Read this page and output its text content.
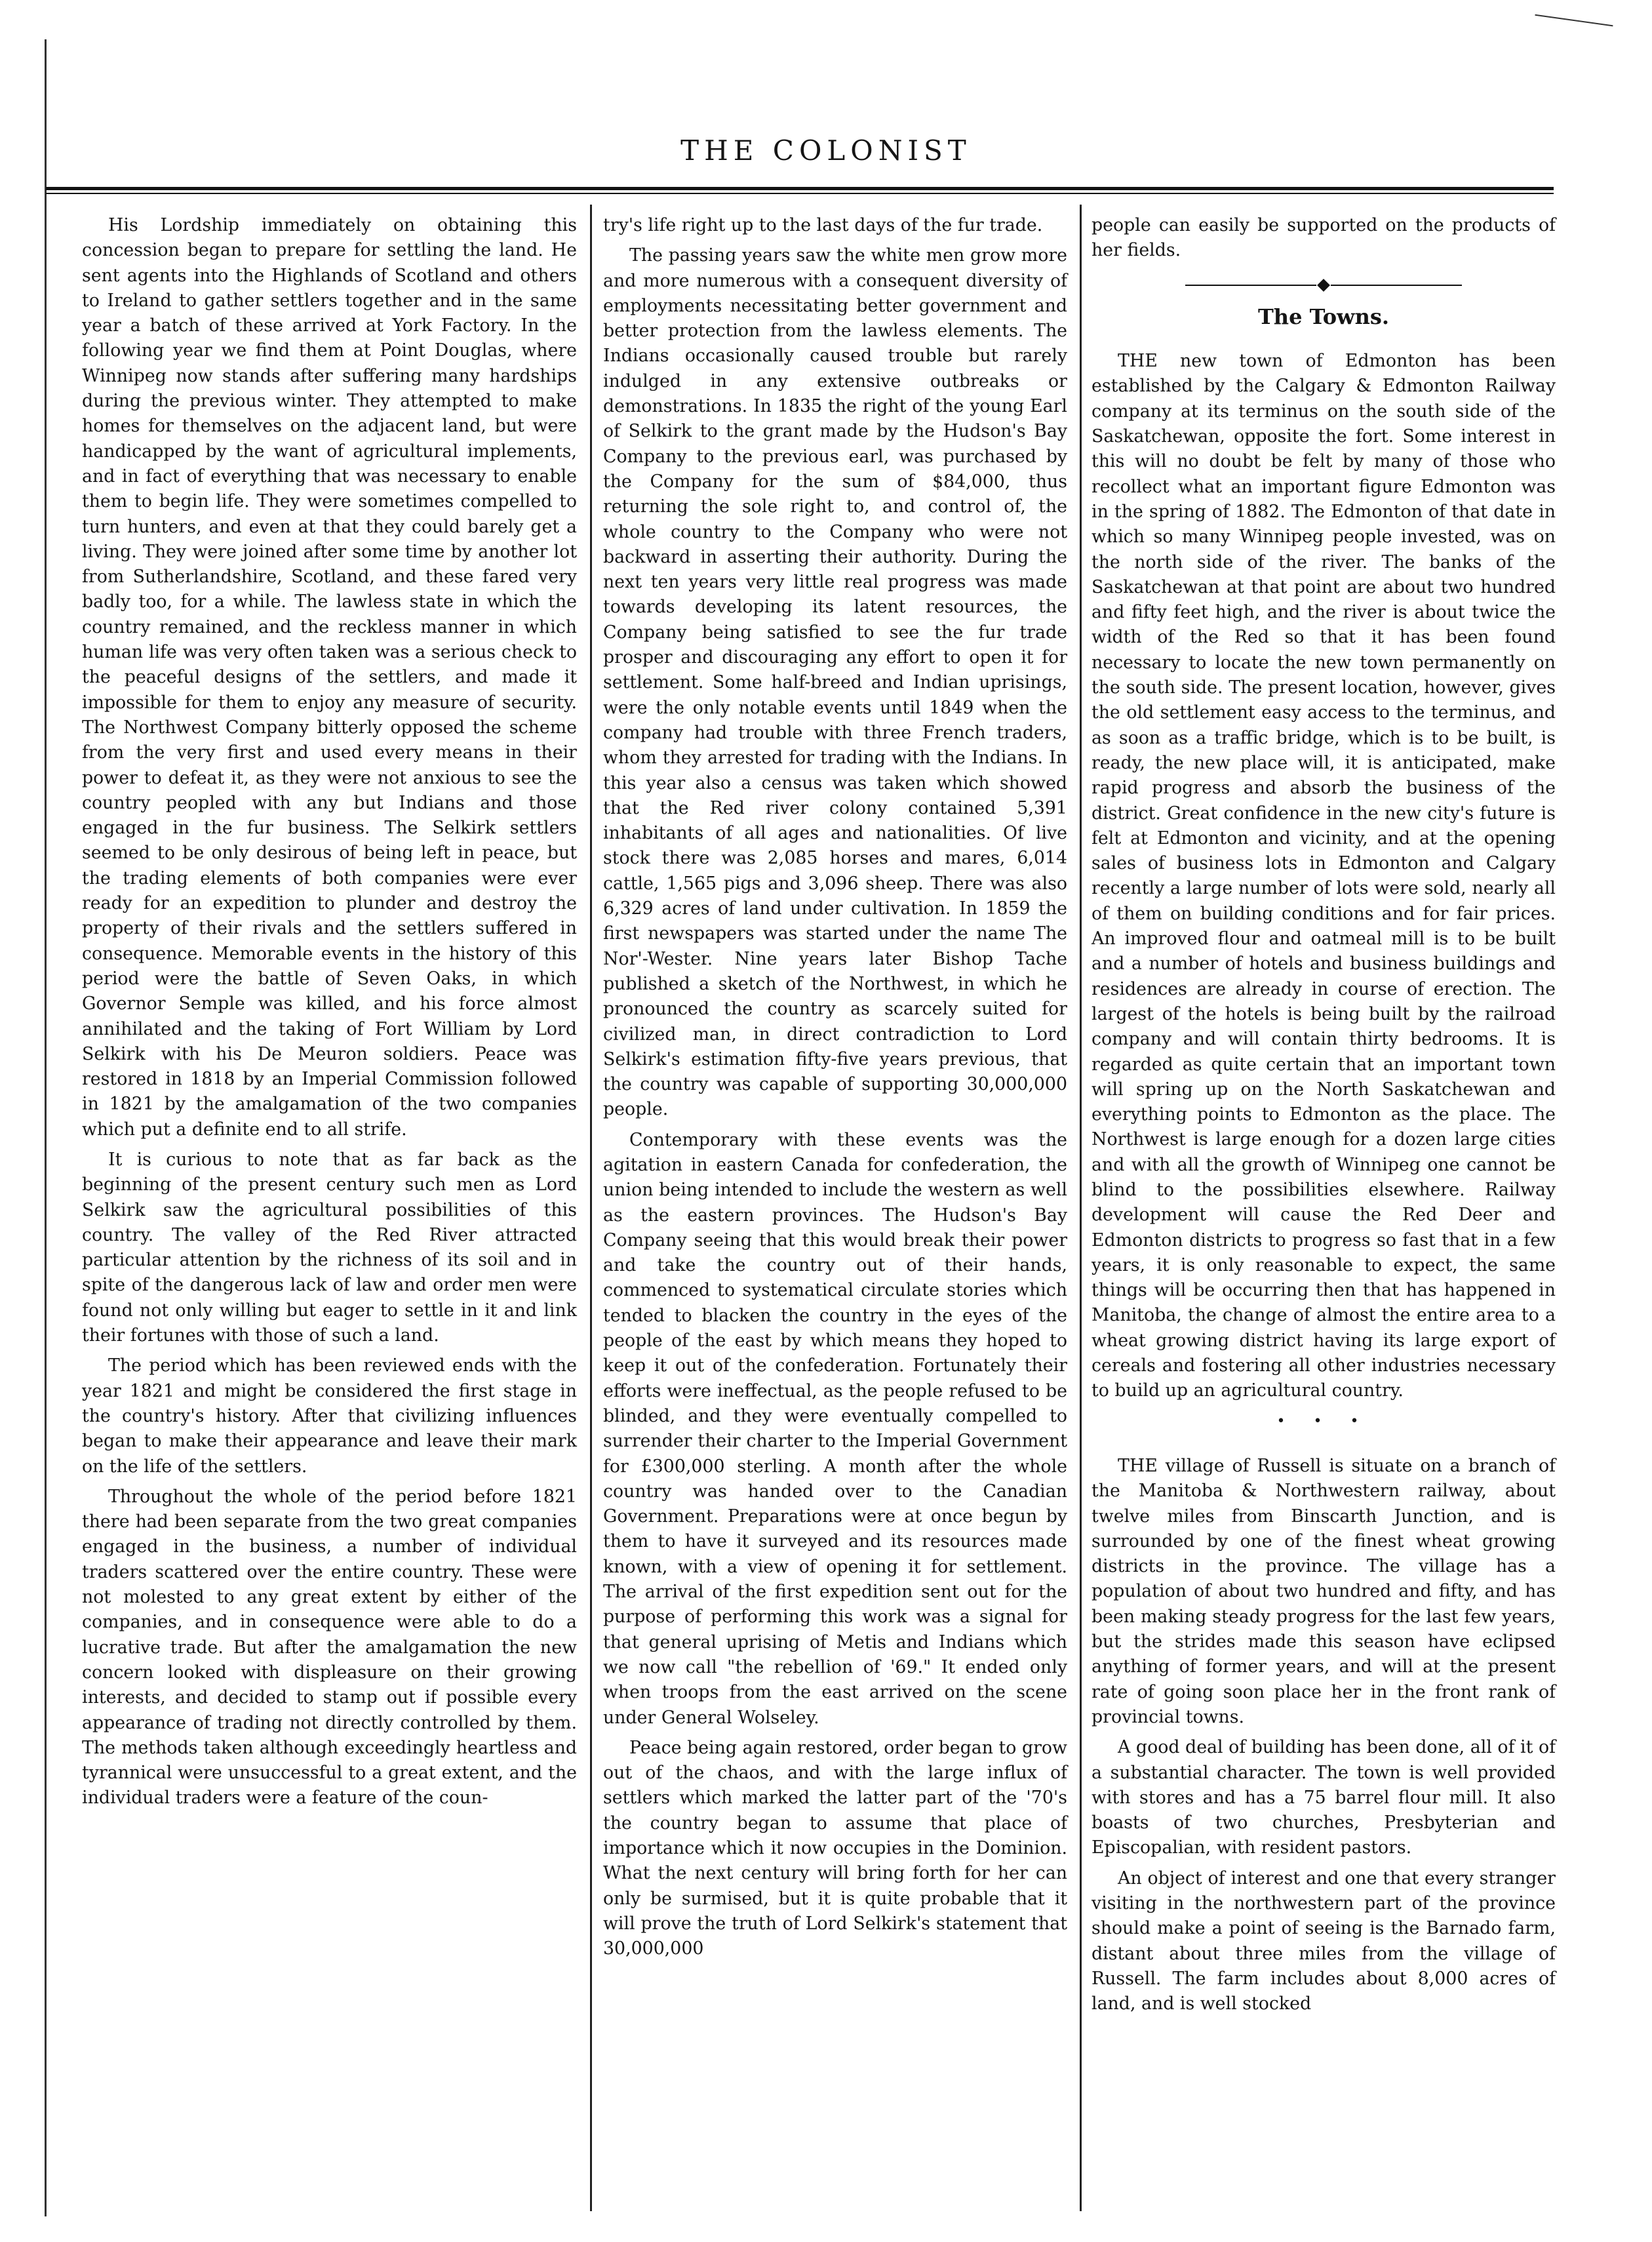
THE COLONIST

His Lordship immediately on obtaining this concession began to prepare for settling the land. He sent agents into the Highlands of Scotland and others to Ireland to gather settlers together and in the same year a batch of these arrived at York Factory. In the following year we find them at Point Douglas, where Winnipeg now stands after suffering many hardships during the previous winter. They attempted to make homes for themselves on the adjacent land, but were handicapped by the want of agricultural implements, and in fact of everything that was necessary to enable them to begin life. They were sometimes compelled to turn hunters, and even at that they could barely get a living. They were joined after some time by another lot from Sutherlandshire, Scotland, and these fared very badly too, for a while. The lawless state in which the country remained, and the reckless manner in which human life was very often taken was a serious check to the peaceful designs of the settlers, and made it impossible for them to enjoy any measure of security. The Northwest Company bitterly opposed the scheme from the very first and used every means in their power to defeat it, as they were not anxious to see the country peopled with any but Indians and those engaged in the fur business. The Selkirk settlers seemed to be only desirous of being left in peace, but the trading elements of both companies were ever ready for an expedition to plunder and destroy the property of their rivals and the settlers suffered in consequence. Memorable events in the history of this period were the battle of Seven Oaks, in which Governor Semple was killed, and his force almost annihilated and the taking of Fort William by Lord Selkirk with his De Meuron soldiers. Peace was restored in 1818 by an Imperial Commission followed in 1821 by the amalgamation of the two companies which put a definite end to all strife.

It is curious to note that as far back as the beginning of the present century such men as Lord Selkirk saw the agricultural possibilities of this country. The valley of the Red River attracted particular attention by the richness of its soil and in spite of the dangerous lack of law and order men were found not only willing but eager to settle in it and link their fortunes with those of such a land.

The period which has been reviewed ends with the year 1821 and might be considered the first stage in the country's history. After that civilizing influences began to make their appearance and leave their mark on the life of the settlers.

Throughout the whole of the period before 1821 there had been separate from the two great companies engaged in the business, a number of individual traders scattered over the entire country. These were not molested to any great extent by either of the companies, and in consequence were able to do a lucrative trade. But after the amalgamation the new concern looked with displeasure on their growing interests, and decided to stamp out if possible every appearance of trading not directly controlled by them. The methods taken although exceedingly heartless and tyrannical were unsuccessful to a great extent, and the individual traders were a feature of the coun-

try's life right up to the last days of the fur trade.

The passing years saw the white men grow more and more numerous with a consequent diversity of employments necessitating better government and better protection from the lawless elements. The Indians occasionally caused trouble but rarely indulged in any extensive outbreaks or demonstrations. In 1835 the right of the young Earl of Selkirk to the grant made by the Hudson's Bay Company to the previous earl, was purchased by the Company for the sum of $84,000, thus returning the sole right to, and control of, the whole country to the Company who were not backward in asserting their authority. During the next ten years very little real progress was made towards developing its latent resources, the Company being satisfied to see the fur trade prosper and discouraging any effort to open it for settlement. Some half-breed and Indian uprisings, were the only notable events until 1849 when the company had trouble with three French traders, whom they arrested for trading with the Indians. In this year also a census was taken which showed that the Red river colony contained 5,391 inhabitants of all ages and nationalities. Of live stock there was 2,085 horses and mares, 6,014 cattle, 1,565 pigs and 3,096 sheep. There was also 6,329 acres of land under cultivation. In 1859 the first newspapers was started under the name The Nor'-Wester. Nine years later Bishop Tache published a sketch of the Northwest, in which he pronounced the country as scarcely suited for civilized man, in direct contradiction to Lord Selkirk's estimation fifty-five years previous, that the country was capable of supporting 30,000,000 people.

Contemporary with these events was the agitation in eastern Canada for confederation, the union being intended to include the western as well as the eastern provinces. The Hudson's Bay Company seeing that this would break their power and take the country out of their hands, commenced to systematical circulate stories which tended to blacken the country in the eyes of the people of the east by which means they hoped to keep it out of the confederation. Fortunately their efforts were ineffectual, as the people refused to be blinded, and they were eventually compelled to surrender their charter to the Imperial Government for £300,000 sterling. A month after the whole country was handed over to the Canadian Government. Preparations were at once begun by them to have it surveyed and its resources made known, with a view of opening it for settlement. The arrival of the first expedition sent out for the purpose of performing this work was a signal for that general uprising of Metis and Indians which we now call "the rebellion of '69." It ended only when troops from the east arrived on the scene under General Wolseley.

Peace being again restored, order began to grow out of the chaos, and with the large influx of settlers which marked the latter part of the '70's the country began to assume that place of importance which it now occupies in the Dominion. What the next century will bring forth for her can only be surmised, but it is quite probable that it will prove the truth of Lord Selkirk's statement that 30,000,000

people can easily be supported on the products of her fields.

The Towns.

THE new town of Edmonton has been established by the Calgary & Edmonton Railway company at its terminus on the south side of the Saskatchewan, opposite the fort. Some interest in this will no doubt be felt by many of those who recollect what an important figure Edmonton was in the spring of 1882. The Edmonton of that date in which so many Winnipeg people invested, was on the north side of the river. The banks of the Saskatchewan at that point are about two hundred and fifty feet high, and the river is about twice the width of the Red so that it has been found necessary to locate the new town permanently on the south side. The present location, however, gives the old settlement easy access to the terminus, and as soon as a traffic bridge, which is to be built, is ready, the new place will, it is anticipated, make rapid progress and absorb the business of the district. Great confidence in the new city's future is felt at Edmonton and vicinity, and at the opening sales of business lots in Edmonton and Calgary recently a large number of lots were sold, nearly all of them on building conditions and for fair prices. An improved flour and oatmeal mill is to be built and a number of hotels and business buildings and residences are already in course of erection. The largest of the hotels is being built by the railroad company and will contain thirty bedrooms. It is regarded as quite certain that an important town will spring up on the North Saskatchewan and everything points to Edmonton as the place. The Northwest is large enough for a dozen large cities and with all the growth of Winnipeg one cannot be blind to the possibilities elsewhere. Railway development will cause the Red Deer and Edmonton districts to progress so fast that in a few years, it is only reasonable to expect, the same things will be occurring then that has happened in Manitoba, the change of almost the entire area to a wheat growing district having its large export of cereals and fostering all other industries necessary to build up an agricultural country.

• • •

THE village of Russell is situate on a branch of the Manitoba & Northwestern railway, about twelve miles from Binscarth Junction, and is surrounded by one of the finest wheat growing districts in the province. The village has a population of about two hundred and fifty, and has been making steady progress for the last few years, but the strides made this season have eclipsed anything of former years, and will at the present rate of going soon place her in the front rank of provincial towns.

A good deal of building has been done, all of it of a substantial character. The town is well provided with stores and has a 75 barrel flour mill. It also boasts of two churches, Presbyterian and Episcopalian, with resident pastors.

An object of interest and one that every stranger visiting in the northwestern part of the province should make a point of seeing is the Barnado farm, distant about three miles from the village of Russell. The farm includes about 8,000 acres of land, and is well stocked
